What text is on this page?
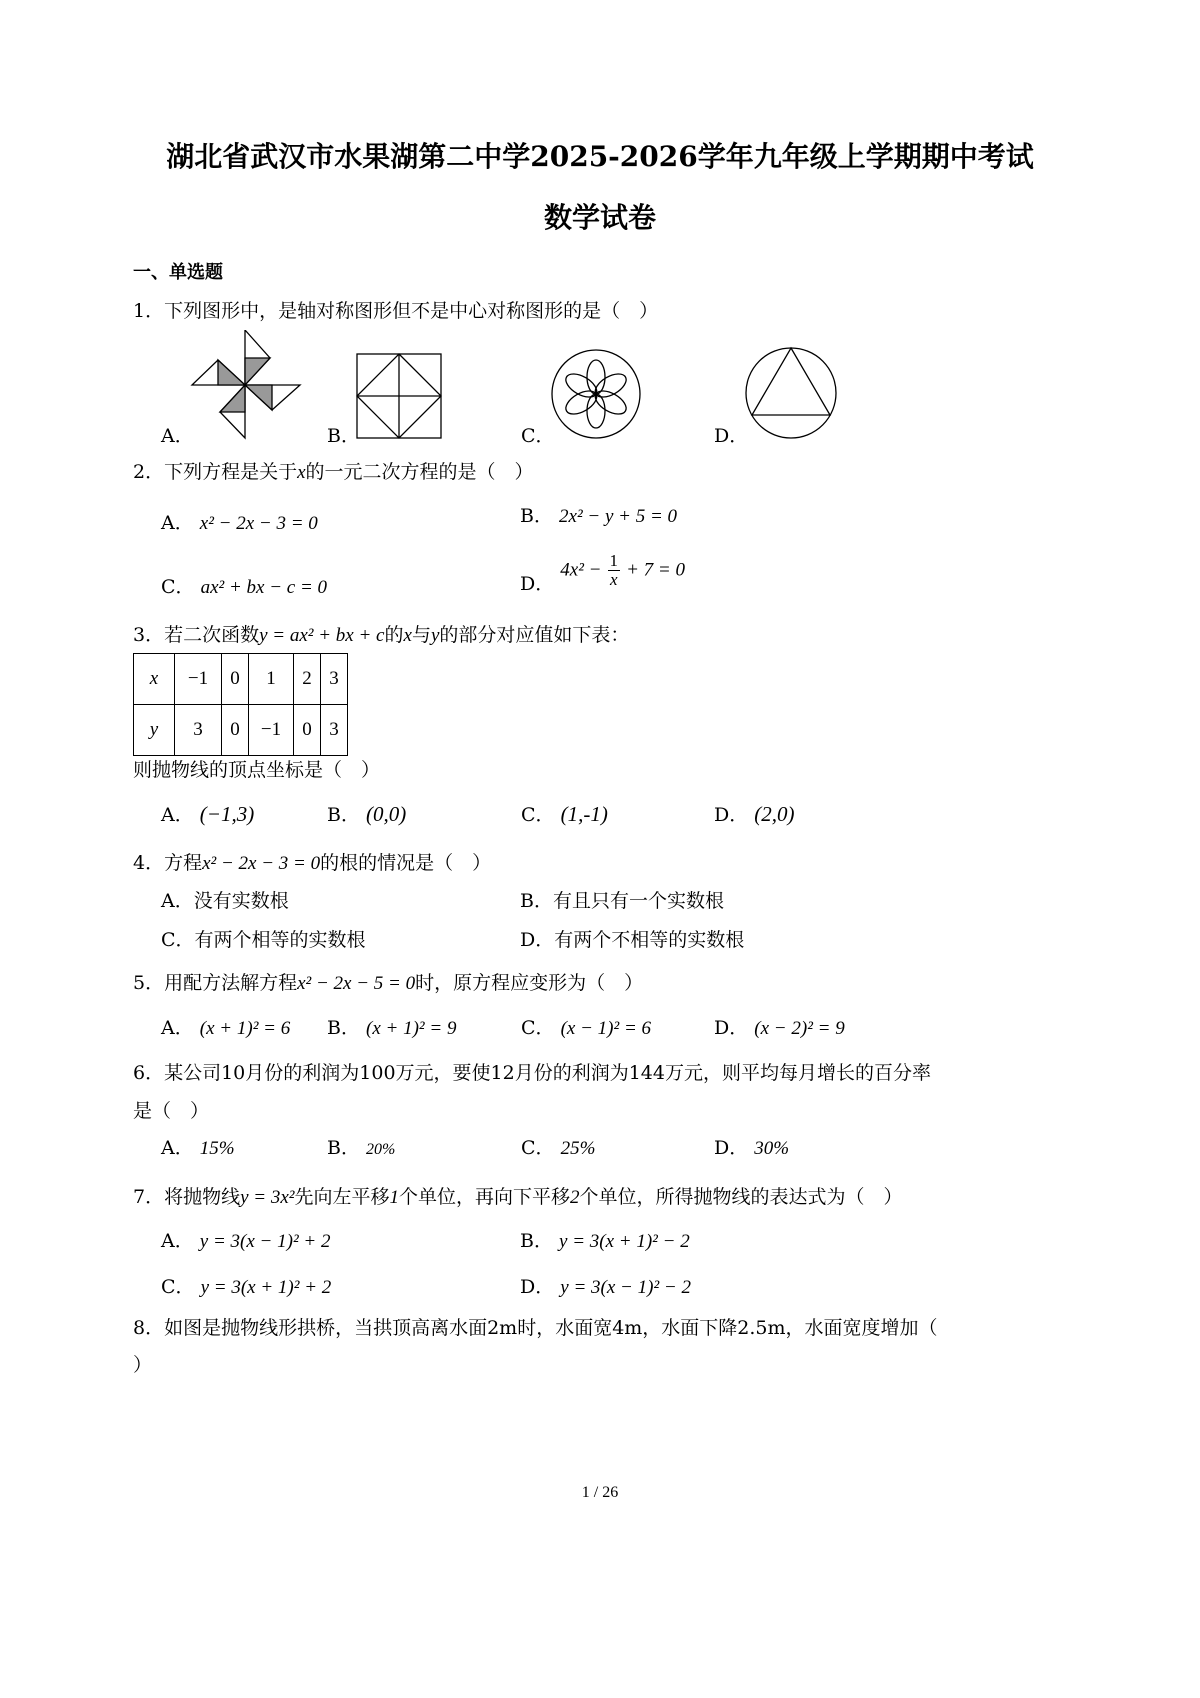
湖北省武汉市水果湖第二中学2025-2026学年九年级上学期期中考试
数学试卷
一、单选题
1．下列图形中，是轴对称图形但不是中心对称图形的是（　）
A．	B．	C．	D．
2．下列方程是关于x的一元二次方程的是（　）
A． x² − 2x − 3 = 0	B． 2x² − y + 5 = 0
C． ax² + bx − c = 0	D． $4x^2 - \frac{1}{x} + 7 = 0$
3．若二次函数y = ax² + bx + c的x与y的部分对应值如下表：
x	−1	0	1	2	3
y	3	0	−1	0	3
则抛物线的顶点坐标是（　）
A． (−1,3)	B． (0,0)	C． (1,-1)	D． (2,0)
4．方程x² − 2x − 3 = 0的根的情况是（　）
A．没有实数根	B．有且只有一个实数根
C．有两个相等的实数根	D．有两个不相等的实数根
5．用配方法解方程x² − 2x − 5 = 0时，原方程应变形为（　）
A． (x + 1)² = 6 B． (x + 1)² = 9	C． (x − 1)² = 6	D． (x − 2)² = 9
6．某公司10月份的利润为100万元，要使12月份的利润为144万元，则平均每月增长的百分率
是（　）
A． 15%	B． 20%	C． 25%	D． 30%
7．将抛物线y = 3x²先向左平移1个单位，再向下平移2个单位，所得抛物线的表达式为（　）
A． y = 3(x − 1)² + 2	B． y = 3(x + 1)² − 2
C． y = 3(x + 1)² + 2	D． y = 3(x − 1)² − 2
8．如图是抛物线形拱桥，当拱顶高离水面2m时，水面宽4m，水面下降2.5m，水面宽度增加（
）
1 / 26
